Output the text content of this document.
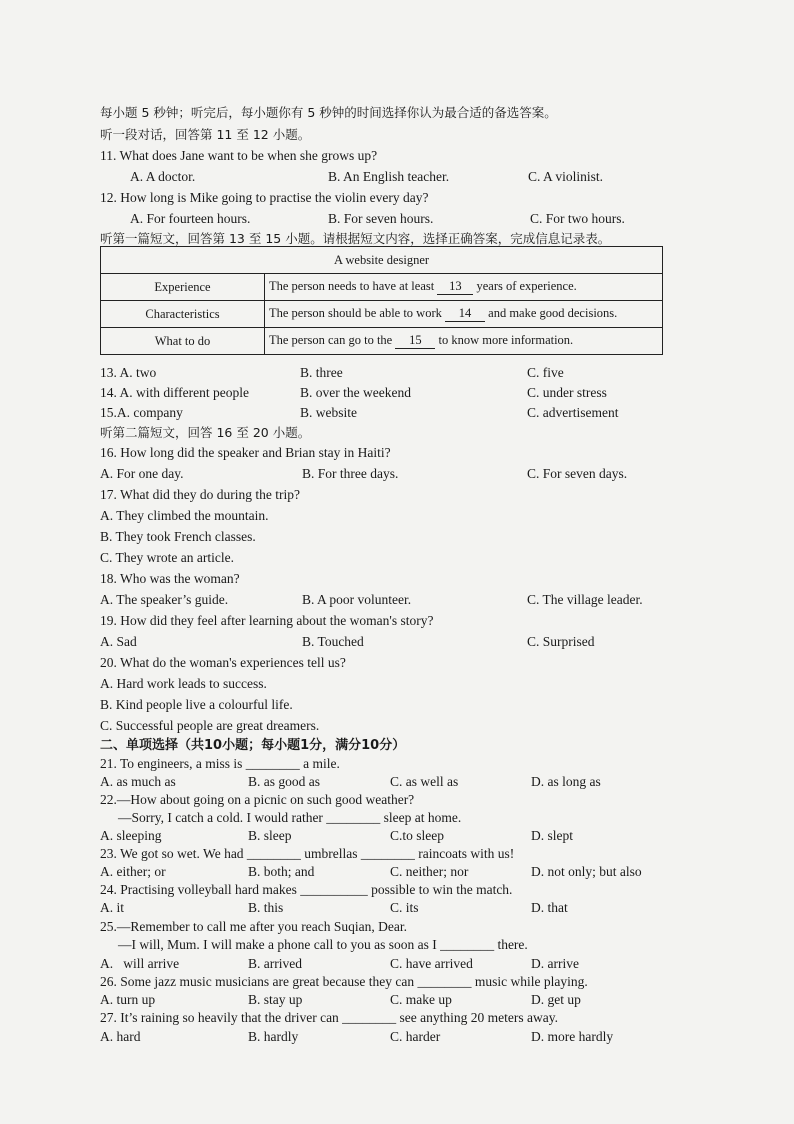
每小题 5 秒钟；听完后，每小题你有 5 秒钟的时间选择你认为最合适的备选答案。
听一段对话，回答第 11 至 12 小题。
11. What does Jane want to be when she grows up?
A. A doctor.	B. An English teacher.	C. A violinist.
12. How long is Mike going to practise the violin every day?
A. For fourteen hours.	B. For seven hours.	C. For two hours.
听第一篇短文，回答第 13 至 15 小题。请根据短文内容，选择正确答案，完成信息记录表。
A website designer	
Experience	The person needs to have at least 13 years of experience.
Characteristics	The person should be able to work 14 and make good decisions.
What to do	The person can go to the 15 to know more information.
13. A. two	B. three	C. five
14. A. with different people	B. over the weekend	C. under stress
15.A. company	B. website	C. advertisement
听第二篇短文，回答 16 至 20 小题。
16. How long did the speaker and Brian stay in Haiti?
A. For one day.	B. For three days.	C. For seven days.
17. What did they do during the trip?
A. They climbed the mountain.
B. They took French classes.
C. They wrote an article.
18. Who was the woman?
A. The speaker’s guide.	B. A poor volunteer.	C. The village leader.
19. How did they feel after learning about the woman's story?
A. Sad	B. Touched	C. Surprised
20. What do the woman's experiences tell us?
A. Hard work leads to success.
B. Kind people live a colourful life.
C. Successful people are great dreamers.
二、单项选择（共10小题；每小题1分，满分10分）
21. To engineers, a miss is ________ a mile.
A. as much as	B. as good as	C. as well as	D. as long as
22.—How about going on a picnic on such good weather?
—Sorry, I catch a cold. I would rather ________ sleep at home.
A. sleeping	B. sleep	C.to sleep	D. slept
23. We got so wet. We had ________ umbrellas ________ raincoats with us!
A. either; or	B. both; and	C. neither; nor	D. not only; but also
24. Practising volleyball hard makes __________ possible to win the match.
A. it	B. this	C. its	D. that
25.—Remember to call me after you reach Suqian, Dear.
—I will, Mum. I will make a phone call to you as soon as I ________ there.
A.   will arrive	B. arrived	C. have arrived	D. arrive
26. Some jazz music musicians are great because they can ________ music while playing.
A. turn up	B. stay up	C. make up	D. get up
27. It’s raining so heavily that the driver can ________ see anything 20 meters away.
A. hard	B. hardly	C. harder	D. more hardly
